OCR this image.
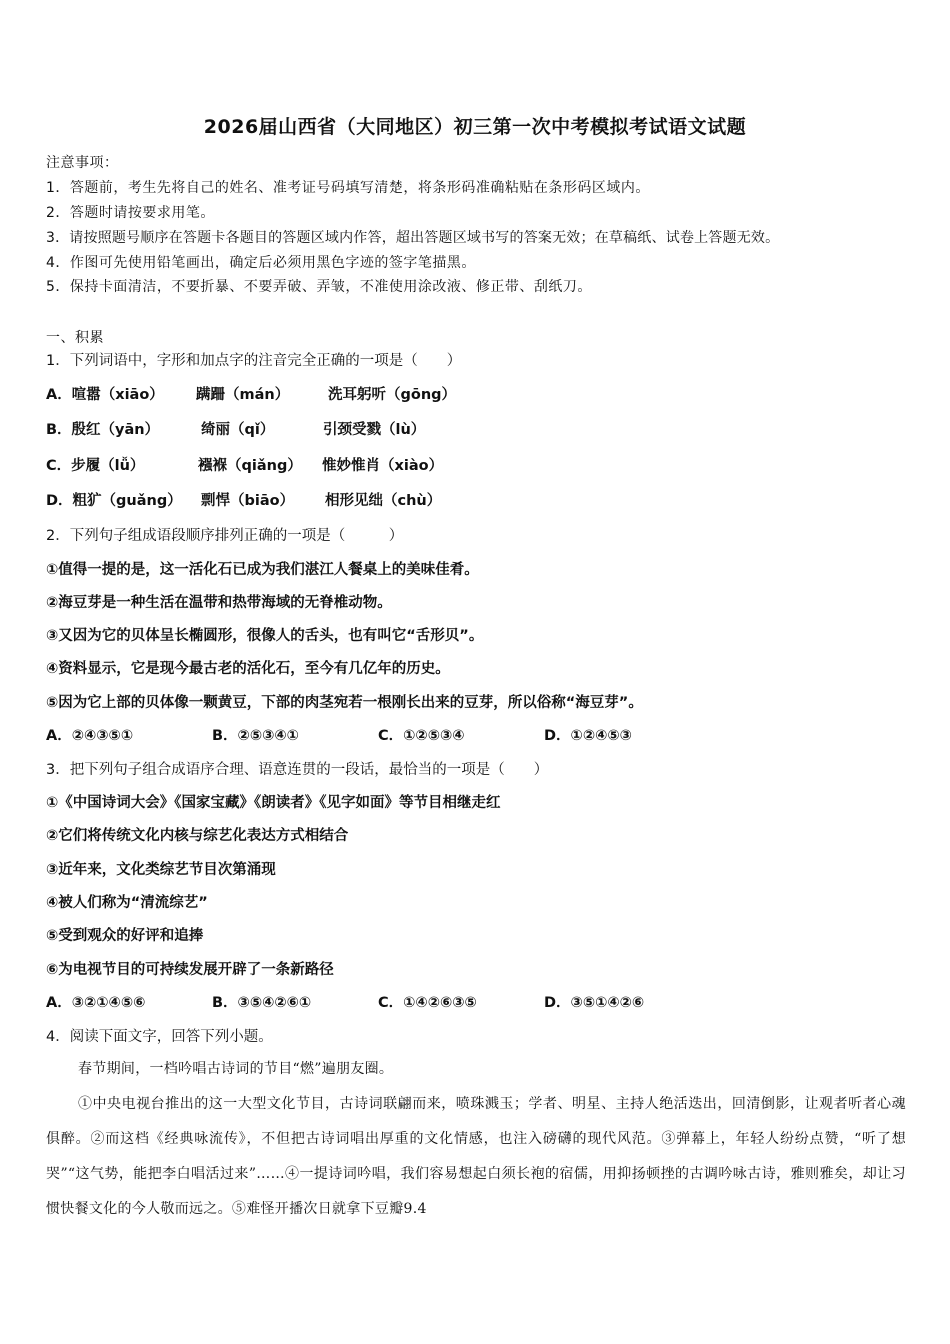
2026届山西省（大同地区）初三第一次中考模拟考试语文试题
注意事项：
1．答题前，考生先将自己的姓名、准考证号码填写清楚，将条形码准确粘贴在条形码区域内。
2．答题时请按要求用笔。
3．请按照题号顺序在答题卡各题目的答题区域内作答，超出答题区域书写的答案无效；在草稿纸、试卷上答题无效。
4．作图可先使用铅笔画出，确定后必须用黑色字迹的签字笔描黑。
5．保持卡面清洁，不要折暴、不要弄破、弄皱，不准使用涂改液、修正带、刮纸刀。
一、积累
1．下列词语中，字形和加点字的注音完全正确的一项是（　　）
A．喧嚣（xiāo） 蹒跚（mán）	洗耳躬听（gōng）
B．殷红（yān）	绮丽（qǐ）	引颈受戮（lù）
C．步履（lǚ）	襁褓（qiǎng） 惟妙惟肖（xiào）
D．粗犷（guǎng） 剽悍（biāo） 相形见绌（chù）
2．下列句子组成语段顺序排列正确的一项是（　　　）
①值得一提的是，这一活化石已成为我们湛江人餐桌上的美味佳肴。
②海豆芽是一种生活在温带和热带海域的无脊椎动物。
③又因为它的贝体呈长椭圆形，很像人的舌头，也有叫它“舌形贝”。
④资料显示，它是现今最古老的活化石，至今有几亿年的历史。
⑤因为它上部的贝体像一颗黄豆，下部的肉茎宛若一根刚长出来的豆芽，所以俗称“海豆芽”。
A．②④③⑤①	B．②⑤③④①	C．①②⑤③④	D．①②④⑤③
3．把下列句子组合成语序合理、语意连贯的一段话，最恰当的一项是（　　）
①《中国诗词大会》《国家宝藏》《朗读者》《见字如面》等节目相继走红
②它们将传统文化内核与综艺化表达方式相结合
③近年来，文化类综艺节目次第涌现
④被人们称为“清流综艺”
⑤受到观众的好评和追捧
⑥为电视节目的可持续发展开辟了一条新路径
A．③②①④⑤⑥	B．③⑤④②⑥①	C．①④②⑥③⑤	D．③⑤①④②⑥
4．阅读下面文字，回答下列小题。
春节期间，一档吟唱古诗词的节目“燃”遍朋友圈。
①中央电视台推出的这一大型文化节目，古诗词联翩而来，喷珠溅玉；学者、明星、主持人绝活迭出，回清倒影，让观者听者心魂俱醉。②而这档《经典咏流传》，不但把古诗词唱出厚重的文化情感，也注入磅礴的现代风范。③弹幕上，年轻人纷纷点赞，“听了想哭”“这气势，能把李白唱活过来”……④一提诗词吟唱，我们容易想起白须长袍的宿儒，用抑扬顿挫的古调吟咏古诗，雅则雅矣，却让习惯快餐文化的今人敬而远之。⑤难怪开播次日就拿下豆瓣9.4
